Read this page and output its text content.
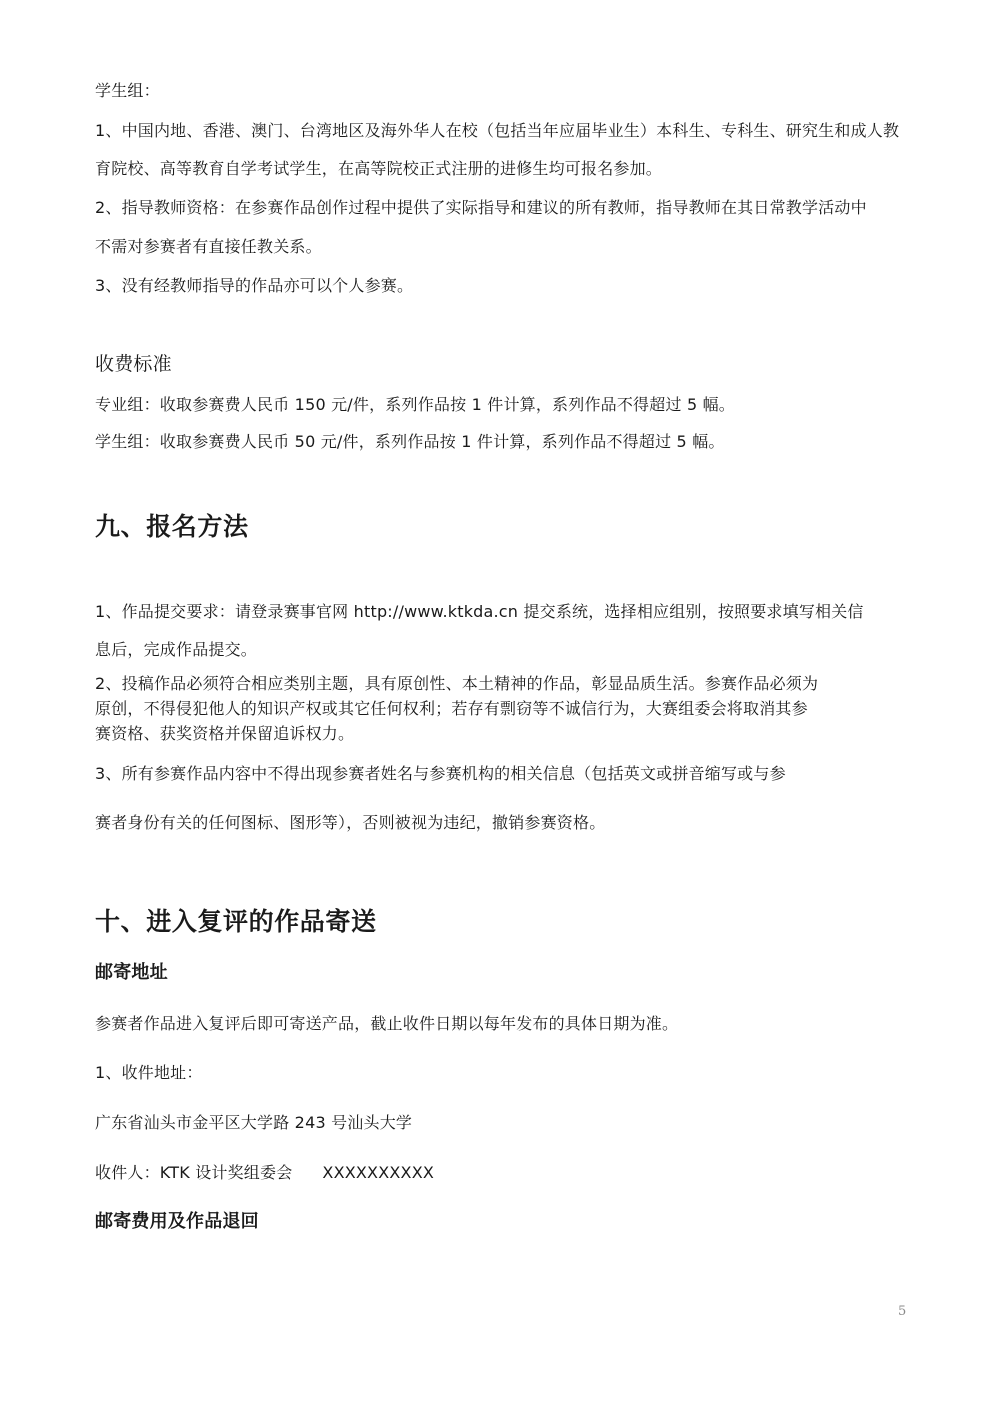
学生组：

1、中国内地、香港、澳门、台湾地区及海外华人在校（包括当年应届毕业生）本科生、专科生、研究生和成人教

育院校、高等教育自学考试学生，在高等院校正式注册的进修生均可报名参加。

2、指导教师资格：在参赛作品创作过程中提供了实际指导和建议的所有教师，指导教师在其日常教学活动中

不需对参赛者有直接任教关系。

3、没有经教师指导的作品亦可以个人参赛。

收费标准

专业组：收取参赛费人民币 150 元/件，系列作品按 1 件计算，系列作品不得超过 5 幅。

学生组：收取参赛费人民币 50 元/件，系列作品按 1 件计算，系列作品不得超过 5 幅。

九、报名方法

1、作品提交要求：请登录赛事官网 http://www.ktkda.cn 提交系统，选择相应组别，按照要求填写相关信

息后，完成作品提交。

2、投稿作品必须符合相应类别主题，具有原创性、本土精神的作品，彰显品质生活。参赛作品必须为

原创，不得侵犯他人的知识产权或其它任何权利；若存有剽窃等不诚信行为，大赛组委会将取消其参

赛资格、获奖资格并保留追诉权力。

3、所有参赛作品内容中不得出现参赛者姓名与参赛机构的相关信息（包括英文或拼音缩写或与参

赛者身份有关的任何图标、图形等），否则被视为违纪，撤销参赛资格。

十、进入复评的作品寄送
邮寄地址

参赛者作品进入复评后即可寄送产品，截止收件日期以每年发布的具体日期为准。

1、收件地址：

广东省汕头市金平区大学路 243 号汕头大学

收件人：KTK 设计奖组委会 XXXXXXXXXX

邮寄费用及作品退回
5
